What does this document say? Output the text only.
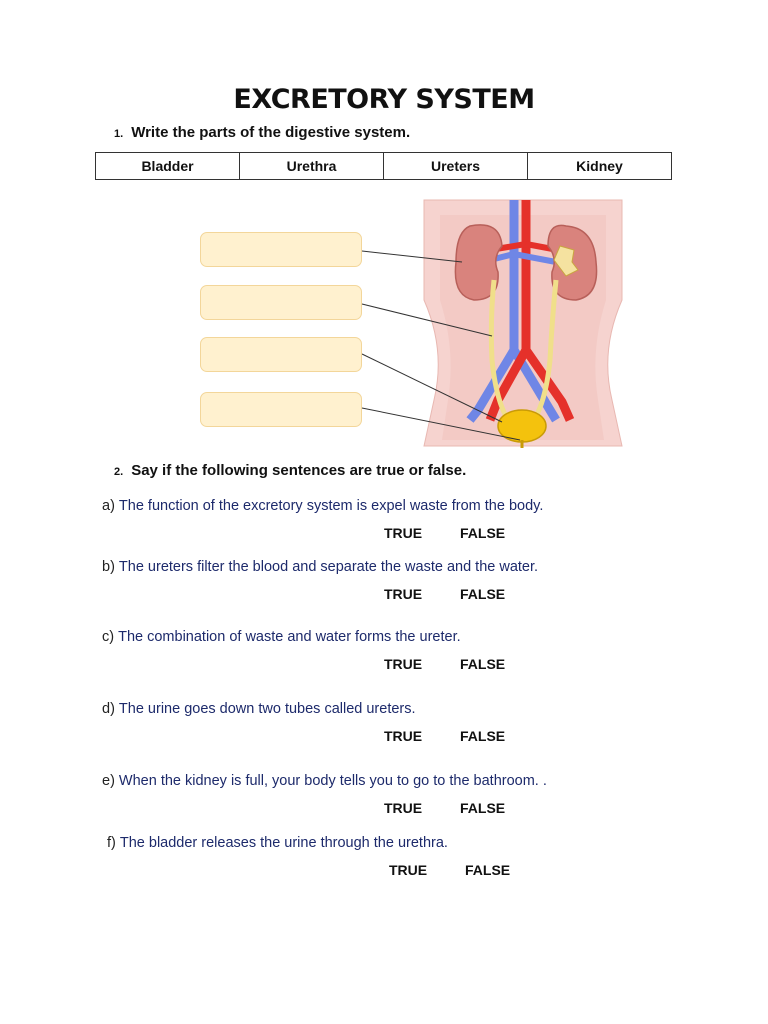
EXCRETORY SYSTEM
1. Write the parts of the digestive system.
Bladder	Urethra	Ureters	Kidney
2. Say if the following sentences are true or false.
a) The function of the excretory system is expel waste from the body.
TRUE	FALSE
b) The ureters filter the blood and separate the waste and the water.
TRUE	FALSE
c) The combination of waste and water forms the ureter.
TRUE	FALSE
d) The urine goes down two tubes called ureters.
TRUE	FALSE
e) When the kidney is full, your body tells you to go to the bathroom. .
TRUE	FALSE
f) The bladder releases the urine through the urethra.
TRUE	FALSE
